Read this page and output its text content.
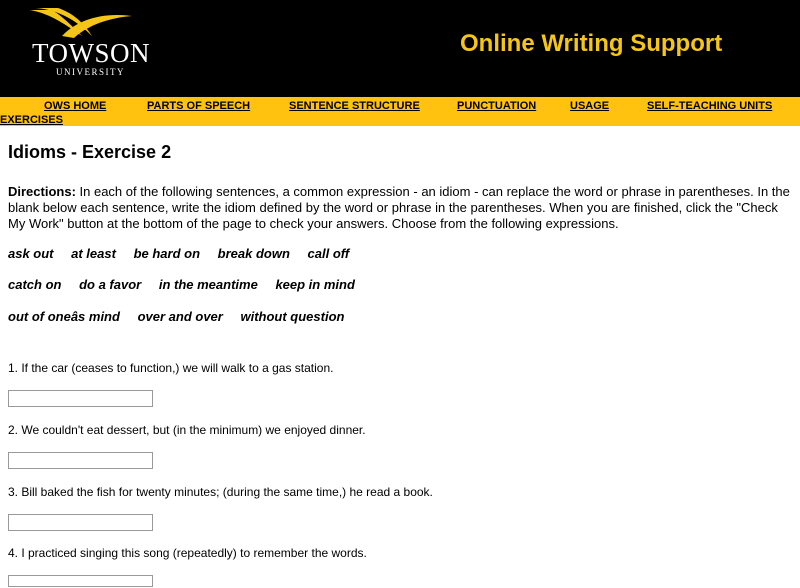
TOWSON
UNIVERSITY
Online Writing Support
OWS HOME	PARTS OF SPEECH	SENTENCE STRUCTURE	PUNCTUATION	USAGE	SELF-TEACHING UNITS
EXERCISES
Idioms - Exercise 2
Directions: In each of the following sentences, a common expression - an idiom - can replace the word or phrase in parentheses. In the blank below each sentence, write the idiom defined by the word or phrase in the parentheses. When you are finished, click the "Check My Work" button at the bottom of the page to check your answers. Choose from the following expressions.
ask out at least be hard on break down call off
catch on do a favor in the meantime keep in mind
out of oneâs mind over and over without question
1. If the car (ceases to function,) we will walk to a gas station.
2. We couldn't eat dessert, but (in the minimum) we enjoyed dinner.
3. Bill baked the fish for twenty minutes; (during the same time,) he read a book.
4. I practiced singing this song (repeatedly) to remember the words.
